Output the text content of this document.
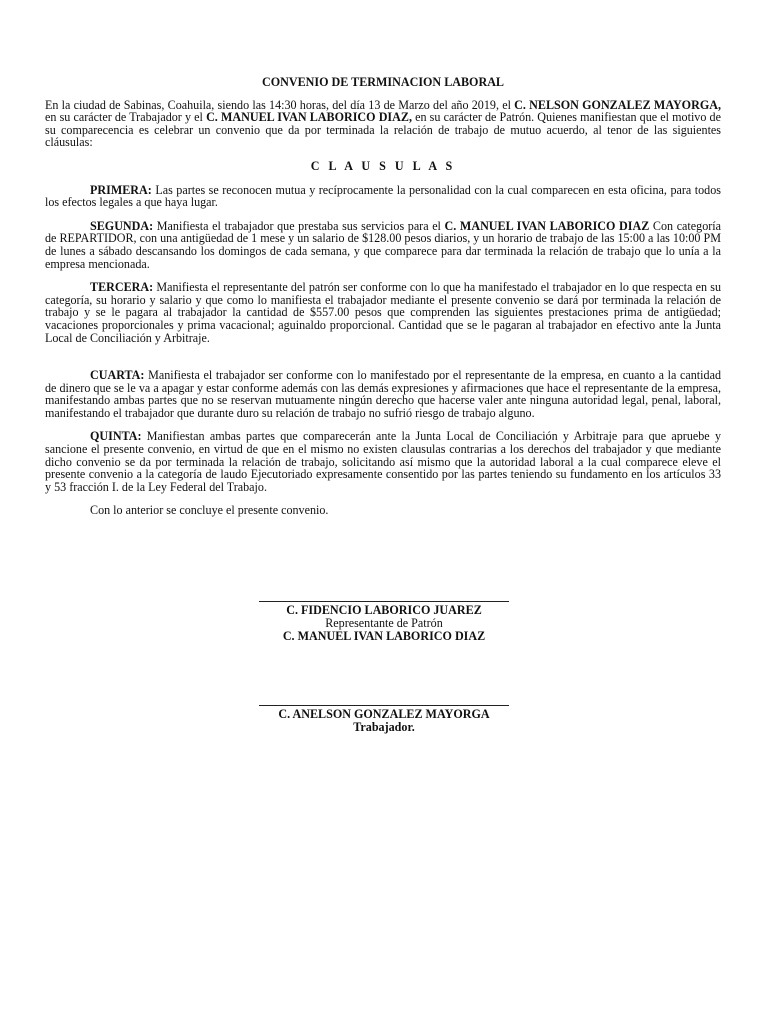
CONVENIO DE TERMINACION LABORAL

En la ciudad de Sabinas, Coahuila, siendo las 14:30 horas, del día 13 de Marzo del año 2019, el C. NELSON GONZALEZ MAYORGA, en su carácter de Trabajador y el C. MANUEL IVAN LABORICO DIAZ, en su carácter de Patrón. Quienes manifiestan que el motivo de su comparecencia es celebrar un convenio que da por terminada la relación de trabajo de mutuo acuerdo, al tenor de las siguientes cláusulas:

C L A U S U L A S

PRIMERA: Las partes se reconocen mutua y recíprocamente la personalidad con la cual comparecen en esta oficina, para todos los efectos legales a que haya lugar.

SEGUNDA: Manifiesta el trabajador que prestaba sus servicios para el C. MANUEL IVAN LABORICO DIAZ Con categoría de REPARTIDOR, con una antigüedad de 1 mese y un salario de $128.00 pesos diarios, y un horario de trabajo de las 15:00 a las 10:00 PM de lunes a sábado descansando los domingos de cada semana, y que comparece para dar terminada la relación de trabajo que lo unía a la empresa mencionada.

TERCERA: Manifiesta el representante del patrón ser conforme con lo que ha manifestado el trabajador en lo que respecta en su categoría, su horario y salario y que como lo manifiesta el trabajador mediante el presente convenio se dará por terminada la relación de trabajo y se le pagara al trabajador la cantidad de $557.00 pesos que comprenden las siguientes prestaciones prima de antigüedad; vacaciones proporcionales y prima vacacional; aguinaldo proporcional. Cantidad que se le pagaran al trabajador en efectivo ante la Junta Local de Conciliación y Arbitraje.

CUARTA: Manifiesta el trabajador ser conforme con lo manifestado por el representante de la empresa, en cuanto a la cantidad de dinero que se le va a apagar y estar conforme además con las demás expresiones y afirmaciones que hace el representante de la empresa, manifestando ambas partes que no se reservan mutuamente ningún derecho que hacerse valer ante ninguna autoridad legal, penal, laboral, manifestando el trabajador que durante duro su relación de trabajo no sufrió riesgo de trabajo alguno.

QUINTA: Manifiestan ambas partes que comparecerán ante la Junta Local de Conciliación y Arbitraje para que apruebe y sancione el presente convenio, en virtud de que en el mismo no existen clausulas contrarias a los derechos del trabajador y que mediante dicho convenio se da por terminada la relación de trabajo, solicitando así mismo que la autoridad laboral a la cual comparece eleve el presente convenio a la categoría de laudo Ejecutoriado expresamente consentido por las partes teniendo su fundamento en los artículos 33 y 53 fracción I. de la Ley Federal del Trabajo.

Con lo anterior se concluye el presente convenio.

C. FIDENCIO LABORICO JUAREZ
Representante de Patrón
C. MANUEL IVAN LABORICO DIAZ
C. ANELSON GONZALEZ MAYORGA
Trabajador.
